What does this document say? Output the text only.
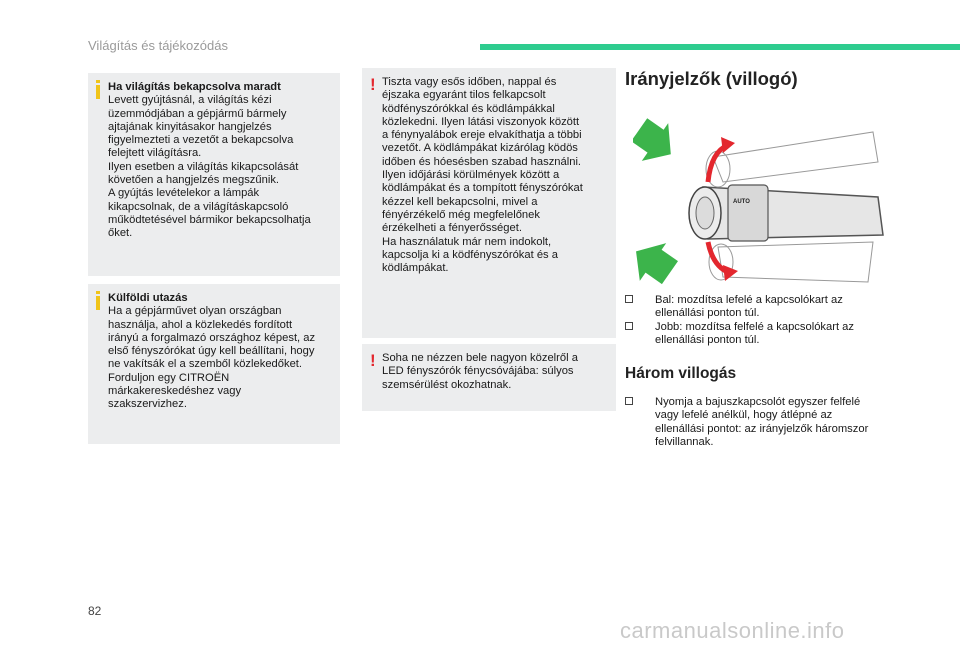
Világítás és tájékozódás
Ha világítás bekapcsolva maradt

Levett gyújtásnál, a világítás kézi
üzemmódjában a gépjármű bármely
ajtajának kinyitásakor hangjelzés
figyelmezteti a vezetőt a bekapcsolva
felejtett világításra.
Ilyen esetben a világítás kikapcsolását
követően a hangjelzés megszűnik.
A gyújtás levételekor a lámpák
kikapcsolnak, de a világításkapcsoló
működtetésével bármikor bekapcsolhatja
őket.

Külföldi utazás

Ha a gépjárművet olyan országban
használja, ahol a közlekedés fordított
irányú a forgalmazó országhoz képest, az
első fényszórókat úgy kell beállítani, hogy
ne vakítsák el a szemből közlekedőket.
Forduljon egy CITROËN
márkakereskedéshez vagy
szakszervizhez.

! Tiszta vagy esős időben, nappal és
éjszaka egyaránt tilos felkapcsolt
ködfényszórókkal és ködlámpákkal
közlekedni. Ilyen látási viszonyok között
a fénynyalábok ereje elvakíthatja a többi
vezetőt. A ködlámpákat kizárólag ködös
időben és hóesésben szabad használni.
Ilyen időjárási körülmények között a
ködlámpákat és a tompított fényszórókat
kézzel kell bekapcsolni, mivel a
fényérzékelő még megfelelőnek
érzékelheti a fényerősséget.
Ha használatuk már nem indokolt,
kapcsolja ki a ködfényszórókat és a
ködlámpákat.

! Soha ne nézzen bele nagyon közelről a
LED fényszórók fénycsóvájába: súlyos
szemsérülést okozhatnak.

Irányjelzők (villogó)
AUTO
Bal: mozdítsa lefelé a kapcsolókart az
ellenállási ponton túl.
Jobb: mozdítsa felfelé a kapcsolókart az
ellenállási ponton túl.
Három villogás
Nyomja a bajuszkapcsolót egyszer felfelé
vagy lefelé anélkül, hogy átlépné az
ellenállási pontot: az irányjelzők háromszor
felvillannak.
82
carmanualsonline.info
